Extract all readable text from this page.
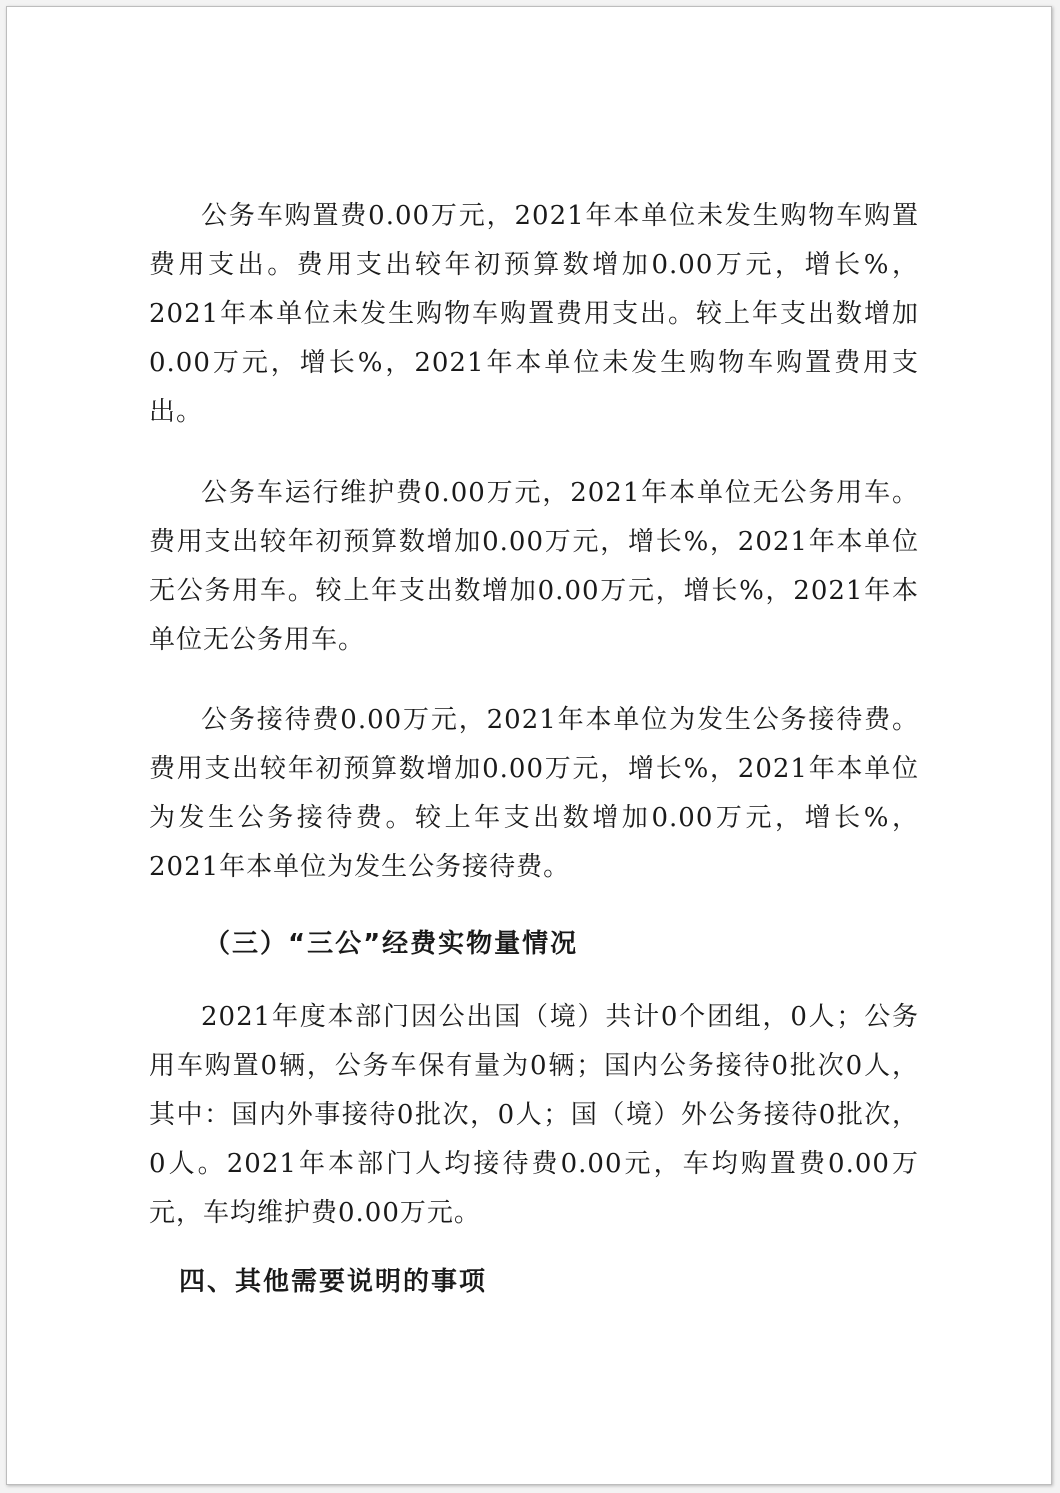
公务车购置费0.00万元，2021年本单位未发生购物车购置费用支出。费用支出较年初预算数增加0.00万元，增长%，2021年本单位未发生购物车购置费用支出。较上年支出数增加0.00万元，增长%，2021年本单位未发生购物车购置费用支出。

公务车运行维护费0.00万元，2021年本单位无公务用车。费用支出较年初预算数增加0.00万元，增长%，2021年本单位无公务用车。较上年支出数增加0.00万元，增长%，2021年本单位无公务用车。

公务接待费0.00万元，2021年本单位为发生公务接待费。费用支出较年初预算数增加0.00万元，增长%，2021年本单位为发生公务接待费。较上年支出数增加0.00万元，增长%，2021年本单位为发生公务接待费。

2021年度本部门因公出国（境）共计0个团组，0人；公务用车购置0辆，公务车保有量为0辆；国内公务接待0批次0人，其中：国内外事接待0批次，0人；国（境）外公务接待0批次，0人。2021年本部门人均接待费0.00元，车均购置费0.00万元，车均维护费0.00万元。

（三）“三公”经费实物量情况
四、其他需要说明的事项
